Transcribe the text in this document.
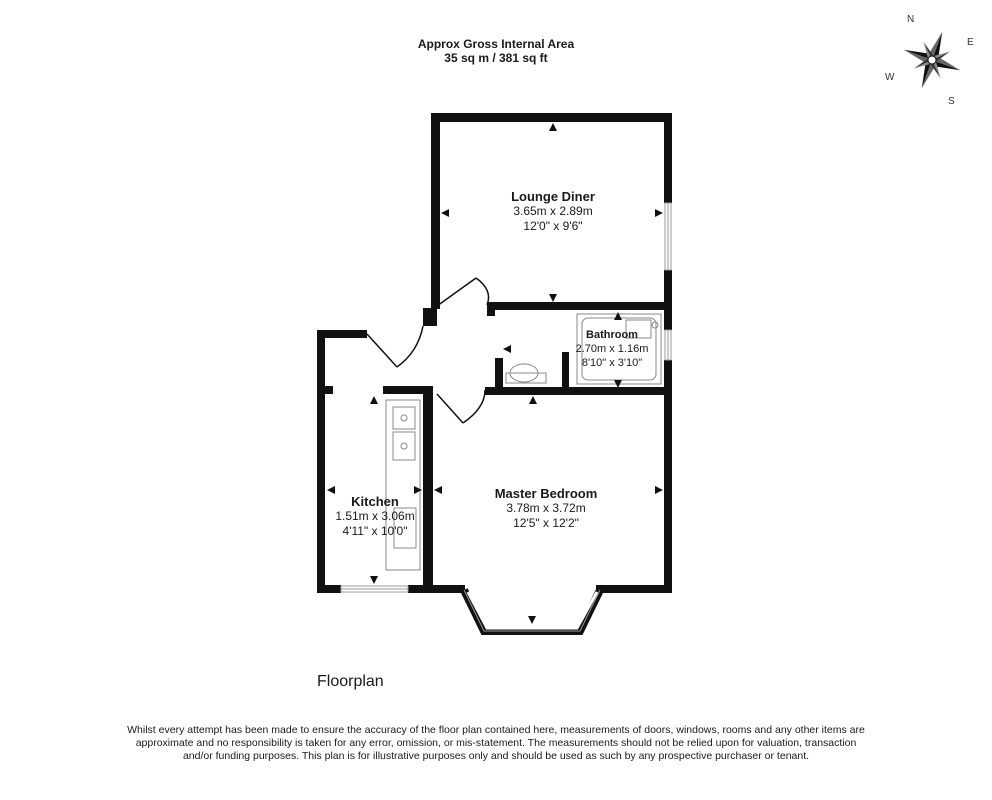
Approx Gross Internal Area
35 sq m / 381 sq ft
Lounge Diner
3.65m x 2.89m
12'0" x 9'6"
Bathroom
2.70m x 1.16m
8'10" x 3'10"
Kitchen
1.51m x 3.06m
4'11" x 10'0"
Master Bedroom
3.78m x 3.72m
12'5" x 12'2"
Floorplan
Whilst every attempt has been made to ensure the accuracy of the floor plan contained here, measurements of doors, windows, rooms and any other items are approximate and no responsibility is taken for any error, omission, or mis-statement. The measurements should not be relied upon for valuation, transaction and/or funding purposes. This plan is for illustrative purposes only and should be used as such by any prospective purchaser or tenant.
N
E
S
W
